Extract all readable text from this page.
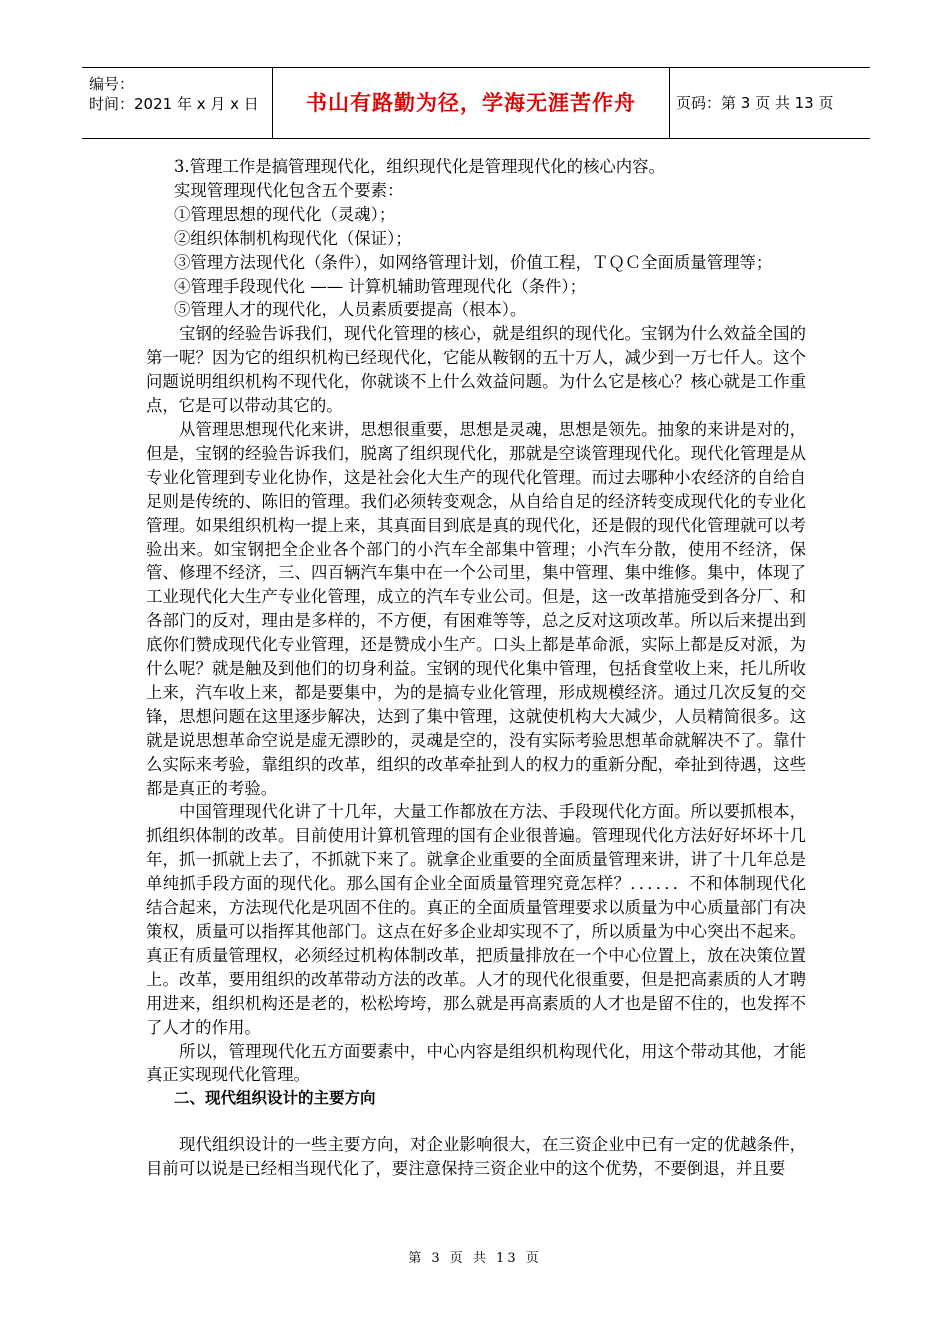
编号：
时间：2021 年 x 月 x 日	书山有路勤为径，学海无涯苦作舟	页码：第 3 页 共 13 页

3.管理工作是搞管理现代化，组织现代化是管理现代化的核心内容。

实现管理现代化包含五个要素：

①管理思想的现代化（灵魂）；

②组织体制机构现代化（保证）；

③管理方法现代化（条件），如网络管理计划，价值工程，ＴＱＣ全面质量管理等；

④管理手段现代化 —— 计算机辅助管理现代化（条件）；

⑤管理人才的现代化，人员素质要提高（根本）。

宝钢的经验告诉我们，现代化管理的核心，就是组织的现代化。宝钢为什么效益全国的第一呢？因为它的组织机构已经现代化，它能从鞍钢的五十万人，减少到一万七仟人。这个问题说明组织机构不现代化，你就谈不上什么效益问题。为什么它是核心？核心就是工作重点，它是可以带动其它的。

从管理思想现代化来讲，思想很重要，思想是灵魂，思想是领先。抽象的来讲是对的，但是，宝钢的经验告诉我们，脱离了组织现代化，那就是空谈管理现代化。现代化管理是从专业化管理到专业化协作，这是社会化大生产的现代化管理。而过去哪种小农经济的自给自足则是传统的、陈旧的管理。我们必须转变观念，从自给自足的经济转变成现代化的专业化管理。如果组织机构一提上来，其真面目到底是真的现代化，还是假的现代化管理就可以考验出来。如宝钢把全企业各个部门的小汽车全部集中管理；小汽车分散，使用不经济，保管、修理不经济，三、四百辆汽车集中在一个公司里，集中管理、集中维修。集中，体现了工业现代化大生产专业化管理，成立的汽车专业公司。但是，这一改革措施受到各分厂、和各部门的反对，理由是多样的，不方便，有困难等等，总之反对这项改革。所以后来提出到底你们赞成现代化专业管理，还是赞成小生产。口头上都是革命派，实际上都是反对派，为什么呢？就是触及到他们的切身利益。宝钢的现代化集中管理，包括食堂收上来，托儿所收上来，汽车收上来，都是要集中，为的是搞专业化管理，形成规模经济。通过几次反复的交锋，思想问题在这里逐步解决，达到了集中管理，这就使机构大大减少，人员精简很多。这就是说思想革命空说是虚无漂眇的，灵魂是空的，没有实际考验思想革命就解决不了。靠什么实际来考验，靠组织的改革，组织的改革牵扯到人的权力的重新分配，牵扯到待遇，这些都是真正的考验。

中国管理现代化讲了十几年，大量工作都放在方法、手段现代化方面。所以要抓根本，抓组织体制的改革。目前使用计算机管理的国有企业很普遍。管理现代化方法好好坏坏十几年，抓一抓就上去了，不抓就下来了。就拿企业重要的全面质量管理来讲，讲了十几年总是单纯抓手段方面的现代化。那么国有企业全面质量管理究竟怎样？．．．．．．不和体制现代化结合起来，方法现代化是巩固不住的。真正的全面质量管理要求以质量为中心质量部门有决策权，质量可以指挥其他部门。这点在好多企业却实现不了，所以质量为中心突出不起来。真正有质量管理权，必须经过机构体制改革，把质量排放在一个中心位置上，放在决策位置上。改革，要用组织的改革带动方法的改革。人才的现代化很重要，但是把高素质的人才聘用进来，组织机构还是老的，松松垮垮，那么就是再高素质的人才也是留不住的，也发挥不了人才的作用。

所以，管理现代化五方面要素中，中心内容是组织机构现代化，用这个带动其他，才能真正实现现代化管理。

二、现代组织设计的主要方向

现代组织设计的一些主要方向，对企业影响很大，在三资企业中已有一定的优越条件，目前可以说是已经相当现代化了，要注意保持三资企业中的这个优势，不要倒退，并且要

第 3 页 共 13 页
